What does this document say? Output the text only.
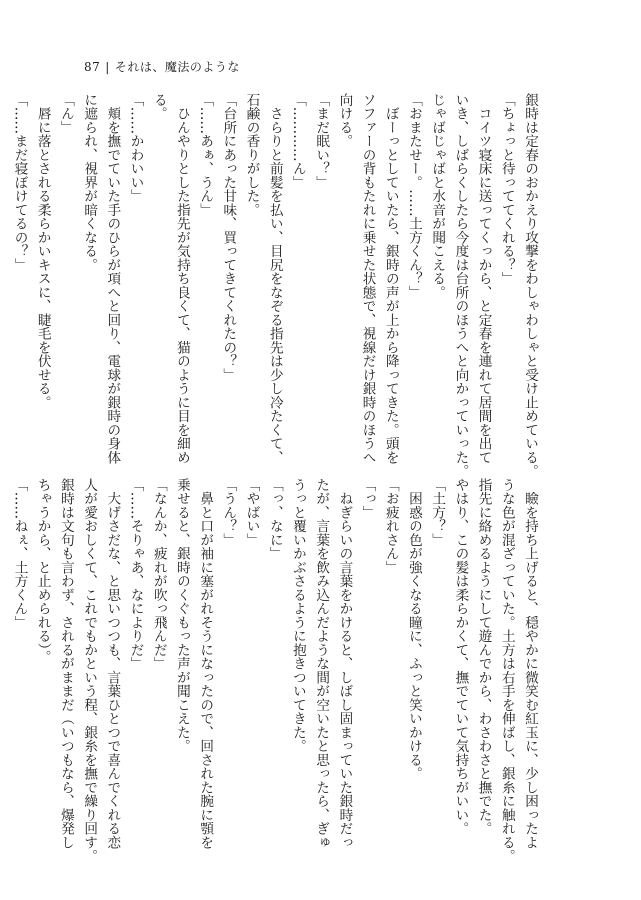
87 | それは、魔法のような
銀時は定春のおかえり攻撃をわしゃわしゃと受け止めている。
「ちょっと待っててくれる？」
　コイツ寝床に送ってくっから、と定春を連れて居間を出て
いき、しばらくしたら今度は台所のほうへと向かっていった。
じゃばじゃばと水音が聞こえる。
「おまたせー。……土方くん？」
　ぼーっとしていたら、銀時の声が上から降ってきた。頭を
ソファーの背もたれに乗せた状態で、視線だけ銀時のほうへ
向ける。
「まだ眠い？」
「…………ん」
　さらりと前髪を払い、目尻をなぞる指先は少し冷たくて、
石鹸の香りがした。
「台所にあった甘味、買ってきてくれたの？」
「……あぁ、うん」
　ひんやりとした指先が気持ち良くて、猫のように目を細め
る。
「……かわいい」
　頬を撫でていた手のひらが項へと回り、電球が銀時の身体
に遮られ、視界が暗くなる。
「ん」
　唇に落とされる柔らかいキスに、睫毛を伏せる。
「……まだ寝ぼけてるの？」
　瞼を持ち上げると、穏やかに微笑む紅玉に、少し困ったよ
うな色が混ざっていた。土方は右手を伸ばし、銀糸に触れる。
指先に絡めるようにして遊んでから、わさわさと撫でた。
やはり、この髪は柔らかくて、撫でていて気持ちがいい。
「土方？」
　困惑の色が強くなる瞳に、ふっと笑いかける。
「お疲れさん」
「っ」
　ねぎらいの言葉をかけると、しばし固まっていた銀時だっ
たが、言葉を飲み込んだような間が空いたと思ったら、ぎゅ
うっと覆いかぶさるように抱きついてきた。
「っ、なに」
「やばい」
「うん？」
　鼻と口が袖に塞がれそうになったので、回された腕に顎を
乗せると、銀時のくぐもった声が聞こえた。
「なんか、疲れが吹っ飛んだ」
「……そりゃあ、なによりだ」
　大げさだな、と思いつつも、言葉ひとつで喜んでくれる恋
人が愛おしくて、これでもかという程、銀糸を撫で繰り回す。
銀時は文句も言わず、されるがままだ（いつもなら、爆発し
ちゃうから、と止められる）。
「……ねぇ、土方くん」
